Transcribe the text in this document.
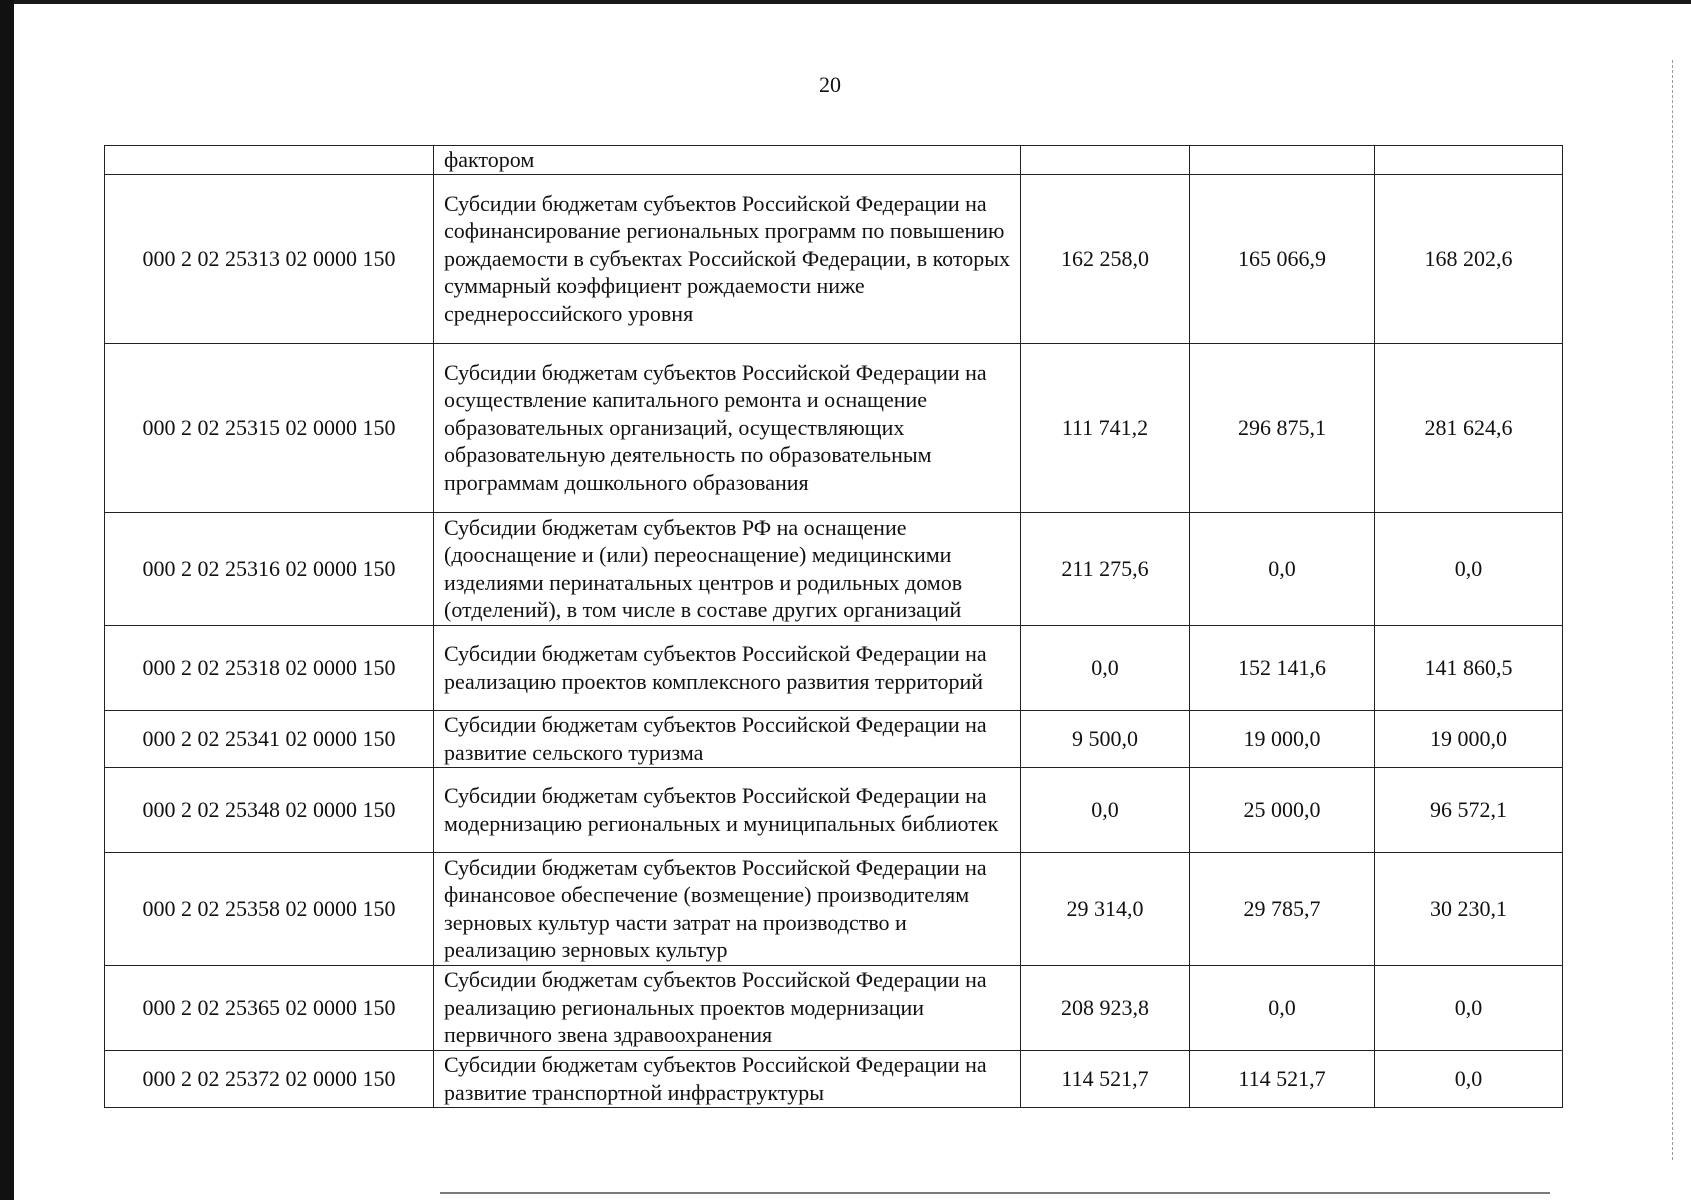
20
	фактором			
000 2 02 25313 02 0000 150	Субсидии бюджетам субъектов Российской Федерации на софинансирование региональных программ по повышению рождаемости в субъектах Российской Федерации, в которых суммарный коэффициент рождаемости ниже среднероссийского уровня	162 258,0	165 066,9	168 202,6
000 2 02 25315 02 0000 150	Субсидии бюджетам субъектов Российской Федерации на осуществление капитального ремонта и оснащение образовательных организаций, осуществляющих образовательную деятельность по образовательным программам дошкольного образования	111 741,2	296 875,1	281 624,6
000 2 02 25316 02 0000 150	Субсидии бюджетам субъектов РФ на оснащение (дооснащение и (или) переоснащение) медицинскими изделиями перинатальных центров и родильных домов (отделений), в том числе в составе других организаций	211 275,6	0,0	0,0
000 2 02 25318 02 0000 150	Субсидии бюджетам субъектов Российской Федерации на реализацию проектов комплексного развития территорий	0,0	152 141,6	141 860,5
000 2 02 25341 02 0000 150	Субсидии бюджетам субъектов Российской Федерации на развитие сельского туризма	9 500,0	19 000,0	19 000,0
000 2 02 25348 02 0000 150	Субсидии бюджетам субъектов Российской Федерации на модернизацию региональных и муниципальных библиотек	0,0	25 000,0	96 572,1
000 2 02 25358 02 0000 150	Субсидии бюджетам субъектов Российской Федерации на финансовое обеспечение (возмещение) производителям зерновых культур части затрат на производство и реализацию зерновых культур	29 314,0	29 785,7	30 230,1
000 2 02 25365 02 0000 150	Субсидии бюджетам субъектов Российской Федерации на реализацию региональных проектов модернизации первичного звена здравоохранения	208 923,8	0,0	0,0
000 2 02 25372 02 0000 150	Субсидии бюджетам субъектов Российской Федерации на развитие транспортной инфраструктуры	114 521,7	114 521,7	0,0
